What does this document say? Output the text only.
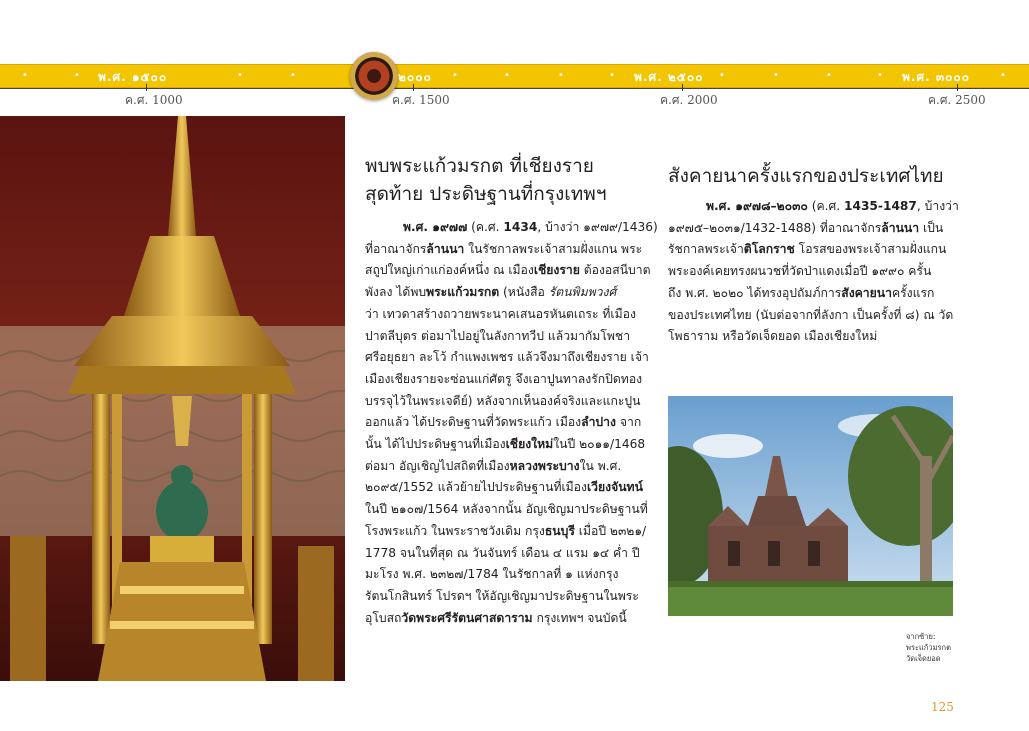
•	• พ.ศ. ๑๕๐๐	•	•	๒๐๐๐ •	•	•	• พ.ศ. ๒๕๐๐ •	•	•	• พ.ศ. ๓๐๐๐	•
ค.ศ. 1000	ค.ศ. 1500	ค.ศ. 2000	ค.ศ. 2500
พบพระแก้วมรกต ที่เชียงราย
สุดท้าย ประดิษฐานที่กรุงเทพฯ
พ.ศ. ๑๙๗๗ (ค.ศ. 1434, บ้างว่า ๑๙๗๙/1436)
ที่อาณาจักรล้านนา ในรัชกาลพระเจ้าสามฝั่งแกน พระ
สถูปใหญ่เก่าแก่องค์หนึ่ง ณ เมืองเชียงราย ต้องอสนีบาต
พังลง ได้พบพระแก้วมรกต (หนังสือ รัตนพิมพวงศ์
ว่า เทวดาสร้างถวายพระนาคเสนอรหันตเถระ ที่เมือง
ปาตลีบุตร ต่อมาไปอยู่ในลังกาทวีป แล้วมากัมโพชา
ศรีอยุธยา ละโว้ กำแพงเพชร แล้วจึงมาถึงเชียงราย เจ้า
เมืองเชียงรายจะซ่อนแก่ศัตรู จึงเอาปูนทาลงรักปิดทอง
บรรจุไว้ในพระเจดีย์) หลังจากเห็นองค์จริงและแกะปูน
ออกแล้ว ได้ประดิษฐานที่วัดพระแก้ว เมืองลำปาง จาก
นั้น ได้ไปประดิษฐานที่เมืองเชียงใหม่ในปี ๒๐๑๑/1468
ต่อมา อัญเชิญไปสถิตที่เมืองหลวงพระบางใน พ.ศ.
๒๐๙๕/1552 แล้วย้ายไปประดิษฐานที่เมืองเวียงจันทน์
ในปี ๒๑๐๗/1564 หลังจากนั้น อัญเชิญมาประดิษฐานที่
โรงพระแก้ว ในพระราชวังเดิม กรุงธนบุรี เมื่อปี ๒๓๒๑/
1778 จนในที่สุด ณ วันจันทร์ เดือน ๔ แรม ๑๔ ค่ำ ปี
มะโรง พ.ศ. ๒๓๒๗/1784 ในรัชกาลที่ ๑ แห่งกรุง
รัตนโกสินทร์ โปรดฯ ให้อัญเชิญมาประดิษฐานในพระ
อุโบสถวัดพระศรีรัตนศาสดาราม กรุงเทพฯ จนบัดนี้
สังคายนาครั้งแรกของประเทศไทย
พ.ศ. ๑๙๗๘–๒๐๓๐ (ค.ศ. 1435-1487, บ้างว่า
๑๙๗๕–๒๐๓๑/1432-1488) ที่อาณาจักรล้านนา เป็น
รัชกาลพระเจ้าติโลกราช โอรสของพระเจ้าสามฝั่งแกน
พระองค์เคยทรงผนวชที่วัดป่าแดงเมื่อปี ๑๙๙๐ ครั้น
ถึง พ.ศ. ๒๐๒๐ ได้ทรงอุปถัมภ์การสังคายนาครั้งแรก
ของประเทศไทย (นับต่อจากที่ลังกา เป็นครั้งที่ ๘) ณ วัด
โพธาราม หรือวัดเจ็ดยอด เมืองเชียงใหม่
จากซ้าย:
พระแก้วมรกต
วัดเจ็ดยอด
125
